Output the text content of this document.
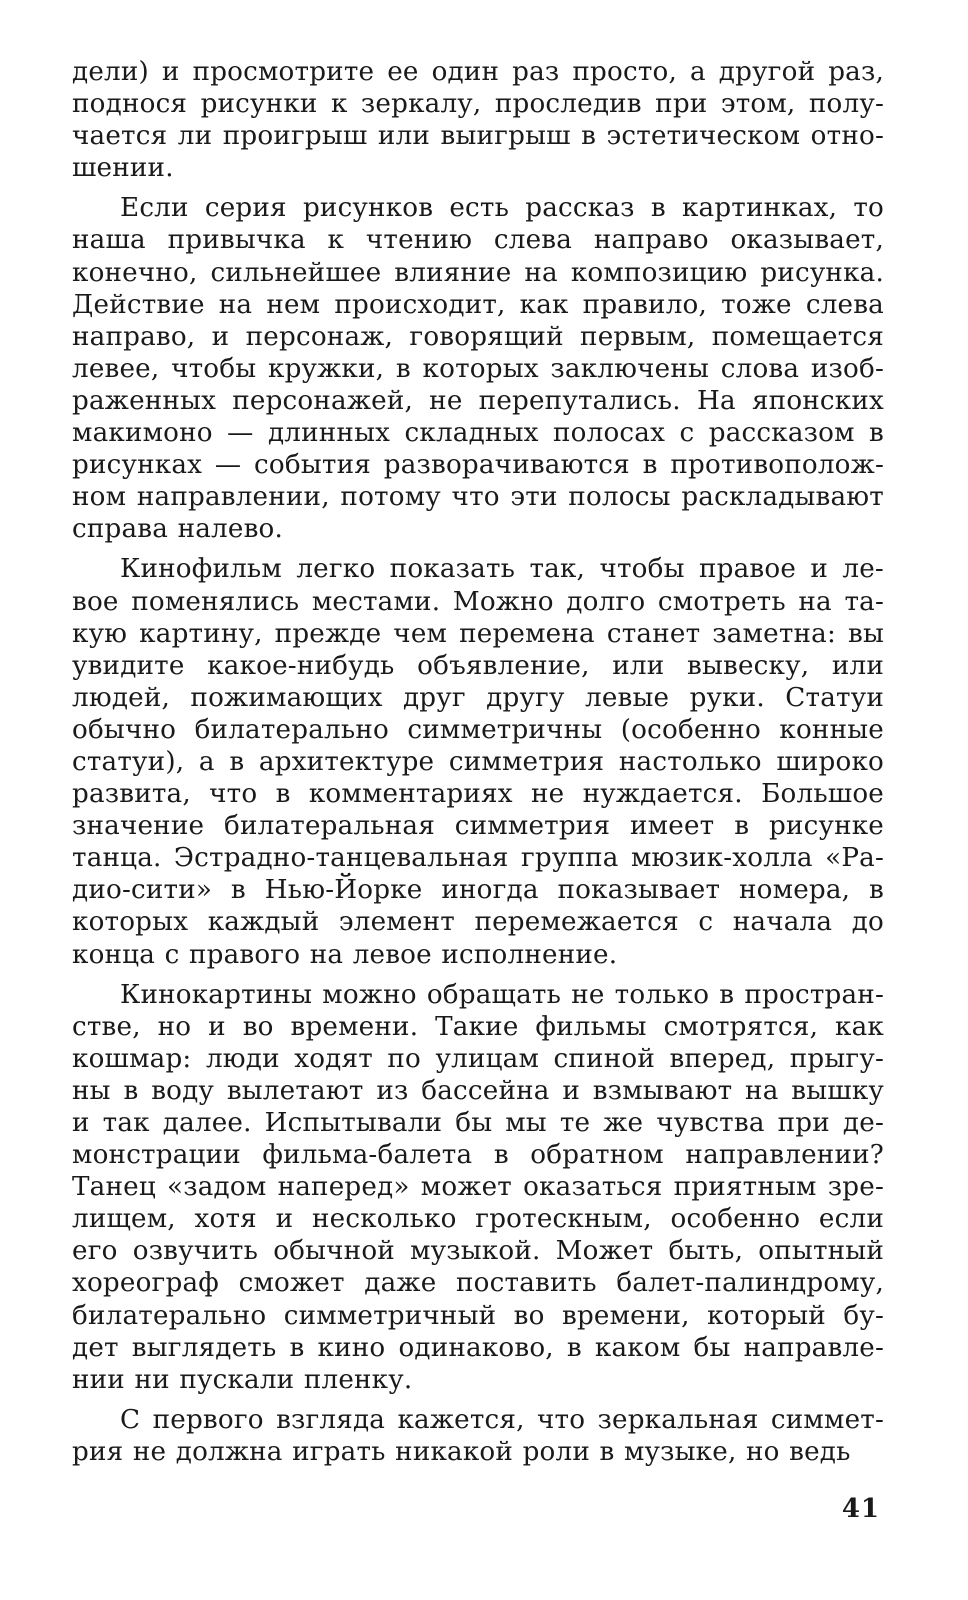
дели) и просмотрите ее один раз просто, а другой раз,
поднося рисунки к зеркалу, проследив при этом, полу-
чается ли проигрыш или выигрыш в эстетическом отно-
шении.
Если серия рисунков есть рассказ в картинках, то
наша привычка к чтению слева направо оказывает,
конечно, сильнейшее влияние на композицию рисунка.
Действие на нем происходит, как правило, тоже слева
направо, и персонаж, говорящий первым, помещается
левее, чтобы кружки, в которых заключены слова изоб-
раженных персонажей, не перепутались. На японских
макимоно — длинных складных полосах с рассказом в
рисунках — события разворачиваются в противополож-
ном направлении, потому что эти полосы раскладывают
справа налево.
Кинофильм легко показать так, чтобы правое и ле-
вое поменялись местами. Можно долго смотреть на та-
кую картину, прежде чем перемена станет заметна: вы
увидите какое-нибудь объявление, или вывеску, или
людей, пожимающих друг другу левые руки. Статуи
обычно билатерально симметричны (особенно конные
статуи), а в архитектуре симметрия настолько широко
развита, что в комментариях не нуждается. Большое
значение билатеральная симметрия имеет в рисунке
танца. Эстрадно-танцевальная группа мюзик-холла «Ра-
дио-сити» в Нью-Йорке иногда показывает номера, в
которых каждый элемент перемежается с начала до
конца с правого на левое исполнение.
Кинокартины можно обращать не только в простран-
стве, но и во времени. Такие фильмы смотрятся, как
кошмар: люди ходят по улицам спиной вперед, прыгу-
ны в воду вылетают из бассейна и взмывают на вышку
и так далее. Испытывали бы мы те же чувства при де-
монстрации фильма-балета в обратном направлении?
Танец «задом наперед» может оказаться приятным зре-
лищем, хотя и несколько гротескным, особенно если
его озвучить обычной музыкой. Может быть, опытный
хореограф сможет даже поставить балет-палиндрому,
билатерально симметричный во времени, который бу-
дет выглядеть в кино одинаково, в каком бы направле-
нии ни пускали пленку.
С первого взгляда кажется, что зеркальная симмет-
рия не должна играть никакой роли в музыке, но ведь
41
